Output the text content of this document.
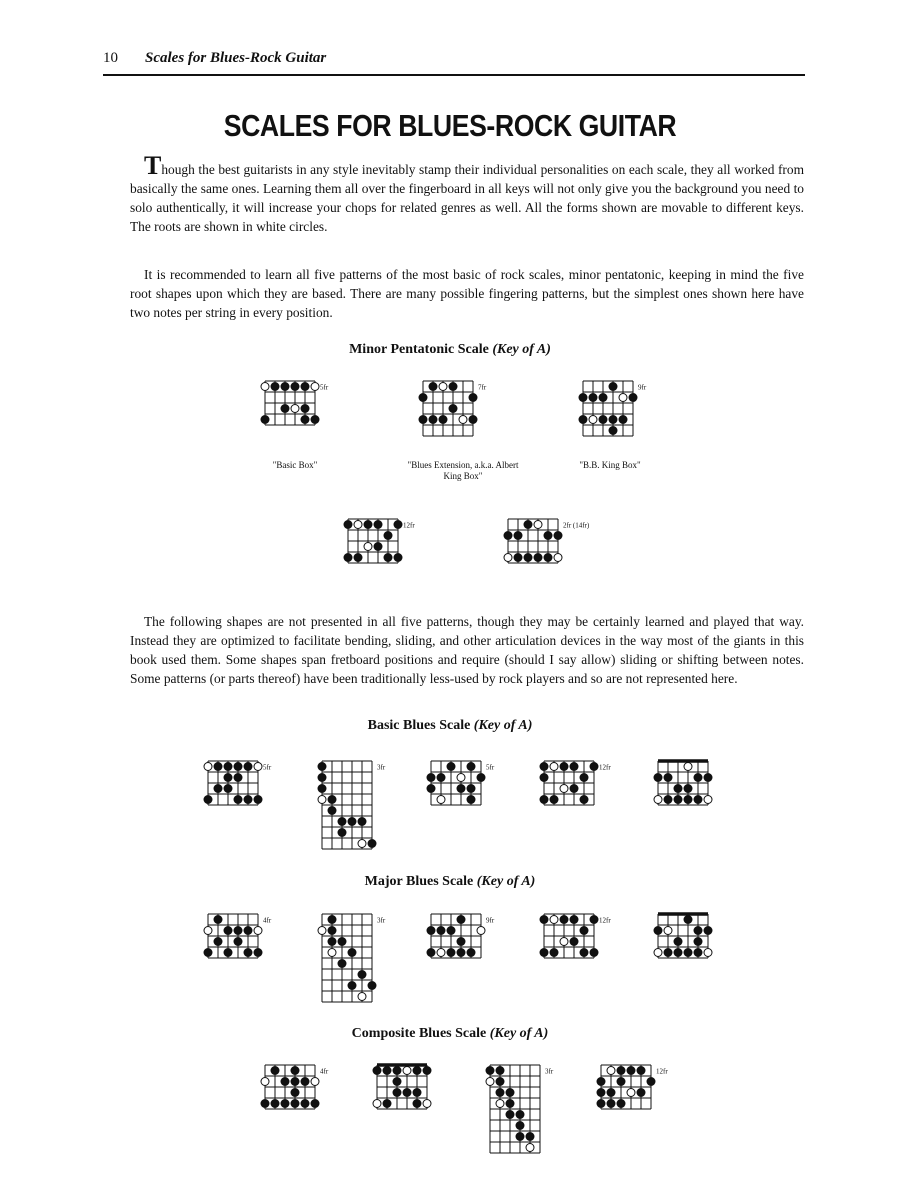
10 Scales for Blues-Rock Guitar
SCALES FOR BLUES-ROCK GUITAR

Though the best guitarists in any style inevitably stamp their individual personalities on each scale, they all worked from basically the same ones. Learning them all over the fingerboard in all keys will not only give you the background you need to solo authentically, it will increase your chops for related genres as well. All the forms shown are movable to different keys. The roots are shown in white circles.

It is recommended to learn all five patterns of the most basic of rock scales, minor pentatonic, keeping in mind the five root shapes upon which they are based. There are many possible fingering patterns, but the simplest ones shown here have two notes per string in every position.

Minor Pentatonic Scale (Key of A)
5fr	7fr	9fr
"Basic Box"	"Blues Extension, a.k.a. Albert King Box"
"B.B. King Box"
12fr	2fr (14fr)

The following shapes are not presented in all five patterns, though they may be certainly learned and played that way. Instead they are optimized to facilitate bending, sliding, and other articulation devices in the way most of the giants in this book used them. Some shapes span fretboard positions and require (should I say allow) sliding or shifting between notes. Some patterns (or parts thereof) have been traditionally less-used by rock players and so are not represented here.

Basic Blues Scale (Key of A)
5fr	3fr	5fr	12fr
Major Blues Scale (Key of A)
4fr	3fr	9fr	12fr
Composite Blues Scale (Key of A)
4fr	3fr	12fr
